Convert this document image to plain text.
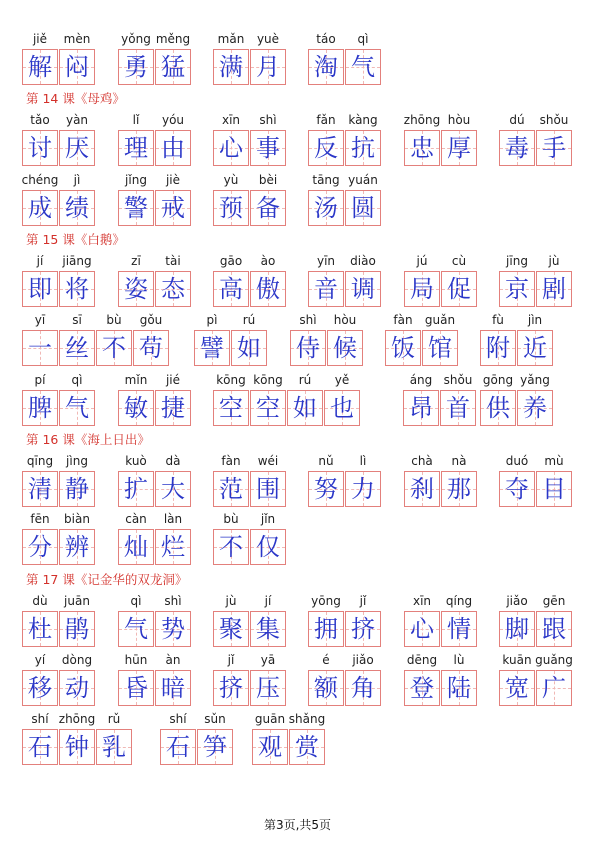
jiě
解
mèn
闷
yǒng
勇
měng
猛
mǎn
满
yuè
月
táo
淘
qì
气
第 14 课《母鸡》
tǎo
讨
yàn
厌
lǐ
理
yóu
由
xīn
心
shì
事
fǎn
反
kàng
抗
zhōng
忠
hòu
厚
dú
毒
shǒu
手
chéng
成
jì
绩
jǐng
警
jiè
戒
yù
预
bèi
备
tāng
汤
yuán
圆
第 15 课《白鹅》
jí
即
jiāng
将
zī
姿
tài
态
gāo
高
ào
傲
yīn
音
diào
调
jú
局
cù
促
jīng
京
jù
剧
yī
一
sī
丝
bù
不
gǒu
苟
pì
譬
rú
如
shì
侍
hòu
候
fàn
饭
guǎn
馆
fù
附
jìn
近
pí
脾
qì
气
mǐn
敏
jié
捷
kōng
空
kōng
空
rú
如
yě
也
áng
昂
shǒu
首
gōng
供
yǎng
养
第 16 课《海上日出》
qīng
清
jìng
静
kuò
扩
dà
大
fàn
范
wéi
围
nǔ
努
lì
力
chà
刹
nà
那
duó
夺
mù
目
fēn
分
biàn
辨
càn
灿
làn
烂
bù
不
jǐn
仅
第 17 课《记金华的双龙洞》
dù
杜
juān
鹃
qì
气
shì
势
jù
聚
jí
集
yōng
拥
jǐ
挤
xīn
心
qíng
情
jiǎo
脚
gēn
跟
yí
移
dòng
动
hūn
昏
àn
暗
jǐ
挤
yā
压
é
额
jiǎo
角
dēng
登
lù
陆
kuān
宽
guǎng
广
shí
石
zhōng
钟
rǔ
乳
shí
石
sǔn
笋
guān
观
shǎng
赏
第3页,共5页
